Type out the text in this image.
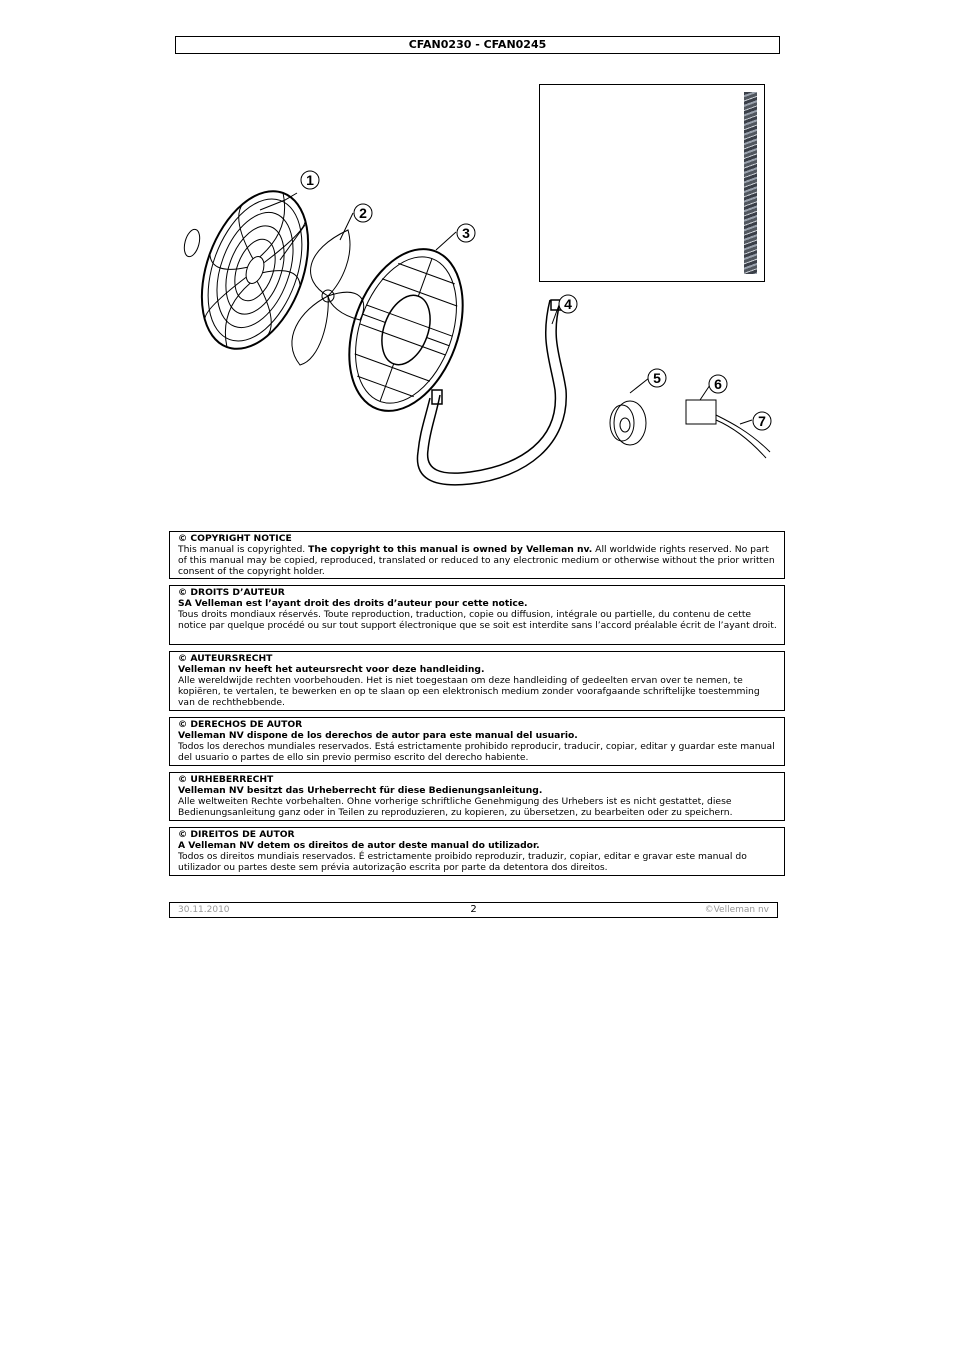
CFAN0230 - CFAN0245
1
2
3
4
5	6
7
© COPYRIGHT NOTICE
This manual is copyrighted. The copyright to this manual is owned by Velleman nv. All worldwide rights reserved. No part of this manual may be copied, reproduced, translated or reduced to any electronic medium or otherwise without the prior written consent of the copyright holder.
© DROITS D’AUTEUR
SA Velleman est l’ayant droit des droits d’auteur pour cette notice.
Tous droits mondiaux réservés. Toute reproduction, traduction, copie ou diffusion, intégrale ou partielle, du contenu de cette notice par quelque procédé ou sur tout support électronique que se soit est interdite sans l’accord préalable écrit de l’ayant droit.
© AUTEURSRECHT
Velleman nv heeft het auteursrecht voor deze handleiding.
Alle wereldwijde rechten voorbehouden. Het is niet toegestaan om deze handleiding of gedeelten ervan over te nemen, te kopiëren, te vertalen, te bewerken en op te slaan op een elektronisch medium zonder voorafgaande schriftelijke toestemming van de rechthebbende.
© DERECHOS DE AUTOR
Velleman NV dispone de los derechos de autor para este manual del usuario.
Todos los derechos mundiales reservados. Está estrictamente prohibido reproducir, traducir, copiar, editar y guardar este manual del usuario o partes de ello sin previo permiso escrito del derecho habiente.
© URHEBERRECHT
Velleman NV besitzt das Urheberrecht für diese Bedienungsanleitung.
Alle weltweiten Rechte vorbehalten. Ohne vorherige schriftliche Genehmigung des Urhebers ist es nicht gestattet, diese Bedienungsanleitung ganz oder in Teilen zu reproduzieren, zu kopieren, zu übersetzen, zu bearbeiten oder zu speichern.
© DIREITOS DE AUTOR
A Velleman NV detem os direitos de autor deste manual do utilizador.
Todos os direitos mundiais reservados. É estrictamente proibido reproduzir, traduzir, copiar, editar e gravar este manual do utilizador ou partes deste sem prévia autorização escrita por parte da detentora dos direitos.
30.11.2010	2	©Velleman nv
